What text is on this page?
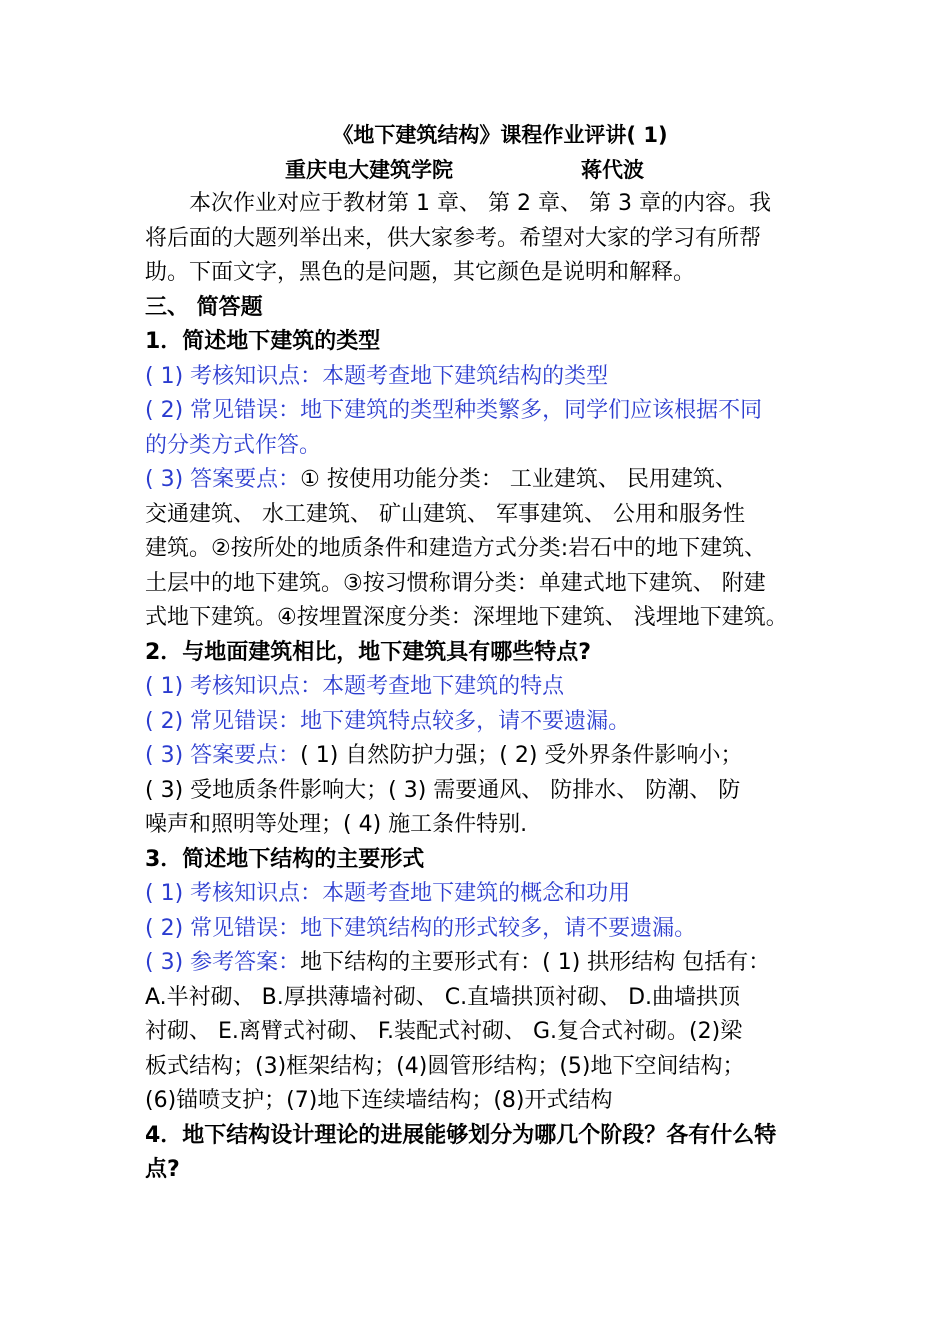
《地下建筑结构》课程作业评讲( 1)
重庆电大建筑学院	蒋代波
本次作业对应于教材第 1 章、 第 2 章、 第 3 章的内容。我
将后面的大题列举出来，供大家参考。希望对大家的学习有所帮
助。下面文字，黑色的是问题，其它颜色是说明和解释。
三、 简答题
1．简述地下建筑的类型
( 1) 考核知识点：本题考查地下建筑结构的类型
( 2) 常见错误：地下建筑的类型种类繁多，同学们应该根据不同
的分类方式作答。
( 3) 答案要点：① 按使用功能分类： 工业建筑、 民用建筑、
交通建筑、 水工建筑、 矿山建筑、 军事建筑、 公用和服务性
建筑。②按所处的地质条件和建造方式分类:岩石中的地下建筑、
土层中的地下建筑。③按习惯称谓分类：单建式地下建筑、 附建
式地下建筑。④按埋置深度分类：深埋地下建筑、 浅埋地下建筑。
2．与地面建筑相比，地下建筑具有哪些特点?
( 1) 考核知识点：本题考查地下建筑的特点
( 2) 常见错误：地下建筑特点较多，请不要遗漏。
( 3) 答案要点：( 1) 自然防护力强；( 2) 受外界条件影响小；
( 3) 受地质条件影响大；( 3) 需要通风、 防排水、 防潮、 防
噪声和照明等处理；( 4) 施工条件特别.
3．简述地下结构的主要形式
( 1) 考核知识点：本题考查地下建筑的概念和功用
( 2) 常见错误：地下建筑结构的形式较多，请不要遗漏。
( 3) 参考答案：地下结构的主要形式有：( 1) 拱形结构 包括有：
A.半衬砌、 B.厚拱薄墙衬砌、 C.直墙拱顶衬砌、 D.曲墙拱顶
衬砌、 E.离臂式衬砌、 F.装配式衬砌、 G.复合式衬砌。(2)梁
板式结构；(3)框架结构；(4)圆管形结构；(5)地下空间结构；
(6)锚喷支护；(7)地下连续墙结构；(8)开式结构
4．地下结构设计理论的进展能够划分为哪几个阶段？各有什么特
点?
